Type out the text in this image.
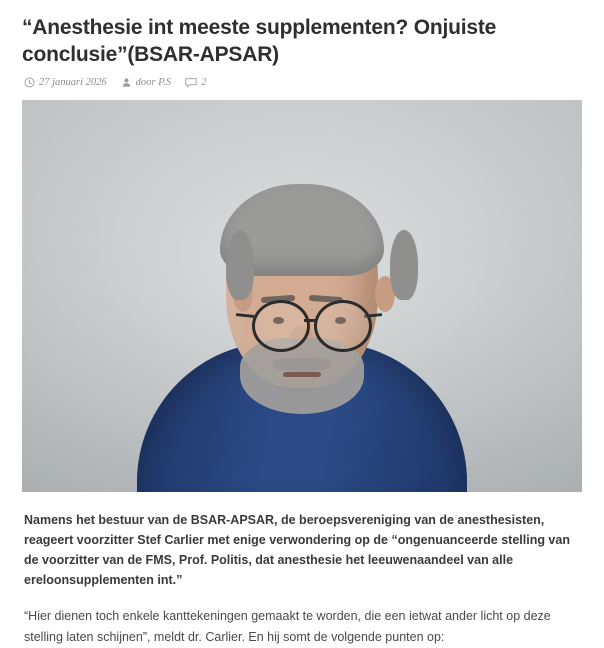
“Anesthesie int meeste supplementen? Onjuiste conclusie”(BSAR-APSAR)
27 januari 2026	door P.S	2

Namens het bestuur van de BSAR-APSAR, de beroepsvereniging van de anesthesisten, reageert voorzitter Stef Carlier met enige verwondering op de “ongenuanceerde stelling van de voorzitter van de FMS, Prof. Politis, dat anesthesie het leeuwenaandeel van alle ereloonsupplementen int.”

“Hier dienen toch enkele kanttekeningen gemaakt te worden, die een ietwat ander licht op deze stelling laten schijnen”, meldt dr. Carlier. En hij somt de volgende punten op:
